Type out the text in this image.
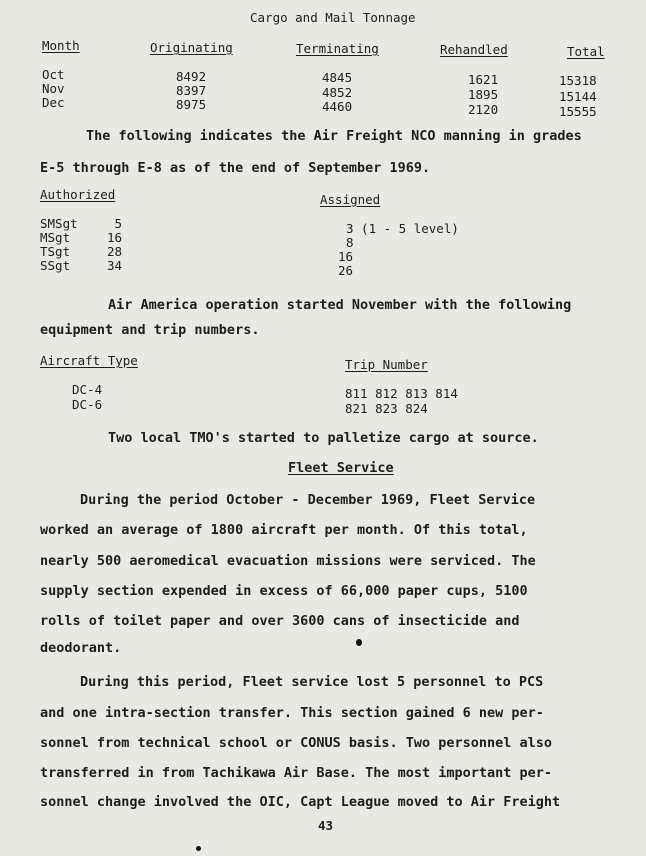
Cargo and Mail Tonnage
Month	Originating	Terminating	Rehandled	Total
Oct	8492	4845	1621	15318
Nov	8397	4852	1895	15144
Dec	8975	4460	2120	15555
The following indicates the Air Freight NCO manning in grades
E-5 through E-8 as of the end of September 1969.
Authorized	Assigned
SMSgt	5	3 (1 - 5 level)
MSgt	16	8
TSgt	28	16
SSgt	34	26
Air America operation started November with the following
equipment and trip numbers.
Aircraft Type	Trip Number
DC-4	811 812 813 814
DC-6	821 823 824
Two local TMO's started to palletize cargo at source.
Fleet Service
During the period October - December 1969, Fleet Service
worked an average of 1800 aircraft per month. Of this total,
nearly 500 aeromedical evacuation missions were serviced. The
supply section expended in excess of 66,000 paper cups, 5100
rolls of toilet paper and over 3600 cans of insecticide and
deodorant.
During this period, Fleet service lost 5 personnel to PCS
and one intra-section transfer. This section gained 6 new per-
sonnel from technical school or CONUS basis. Two personnel also
transferred in from Tachikawa Air Base. The most important per-
sonnel change involved the OIC, Capt League moved to Air Freight
43
